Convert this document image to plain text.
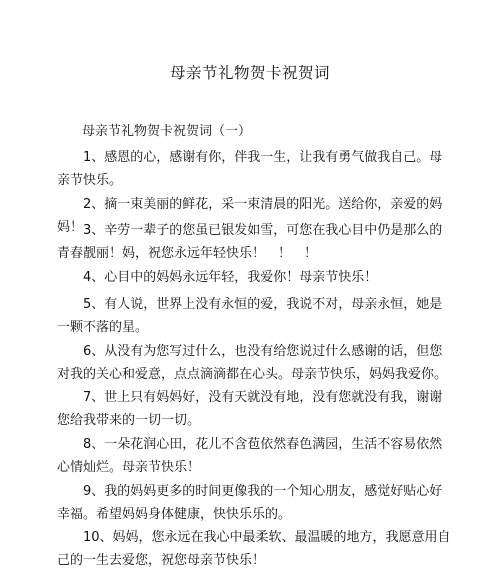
母亲节礼物贺卡祝贺词
母亲节礼物贺卡祝贺词（一）

1、感恩的心，感谢有你，伴我一生，让我有勇气做我自己。母亲节快乐。

2、摘一束美丽的鲜花，采一束清晨的阳光。送给你，亲爱的妈妈！ 3、辛劳一辈子的您虽已银发如雪，可您在我心目中仍是那么的青春靓丽！妈，祝您永远年轻快乐！　！　！

4、心目中的妈妈永远年轻，我爱你！母亲节快乐！

5、有人说，世界上没有永恒的爱，我说不对，母亲永恒，她是一颗不落的星。

6、从没有为您写过什么，也没有给您说过什么感谢的话，但您对我的关心和爱意，点点滴滴都在心头。母亲节快乐，妈妈我爱你。

7、世上只有妈妈好，没有天就没有地，没有您就没有我，谢谢您给我带来的一切一切。

8、一朵花润心田，花儿不含苞依然春色满园，生活不容易依然心情灿烂。母亲节快乐！

9、我的妈妈更多的时间更像我的一个知心朋友，感觉好贴心好幸福。希望妈妈身体健康，快快乐乐的。

10、妈妈，您永远在我心中最柔软、最温暖的地方，我愿意用自己的一生去爱您，祝您母亲节快乐！
